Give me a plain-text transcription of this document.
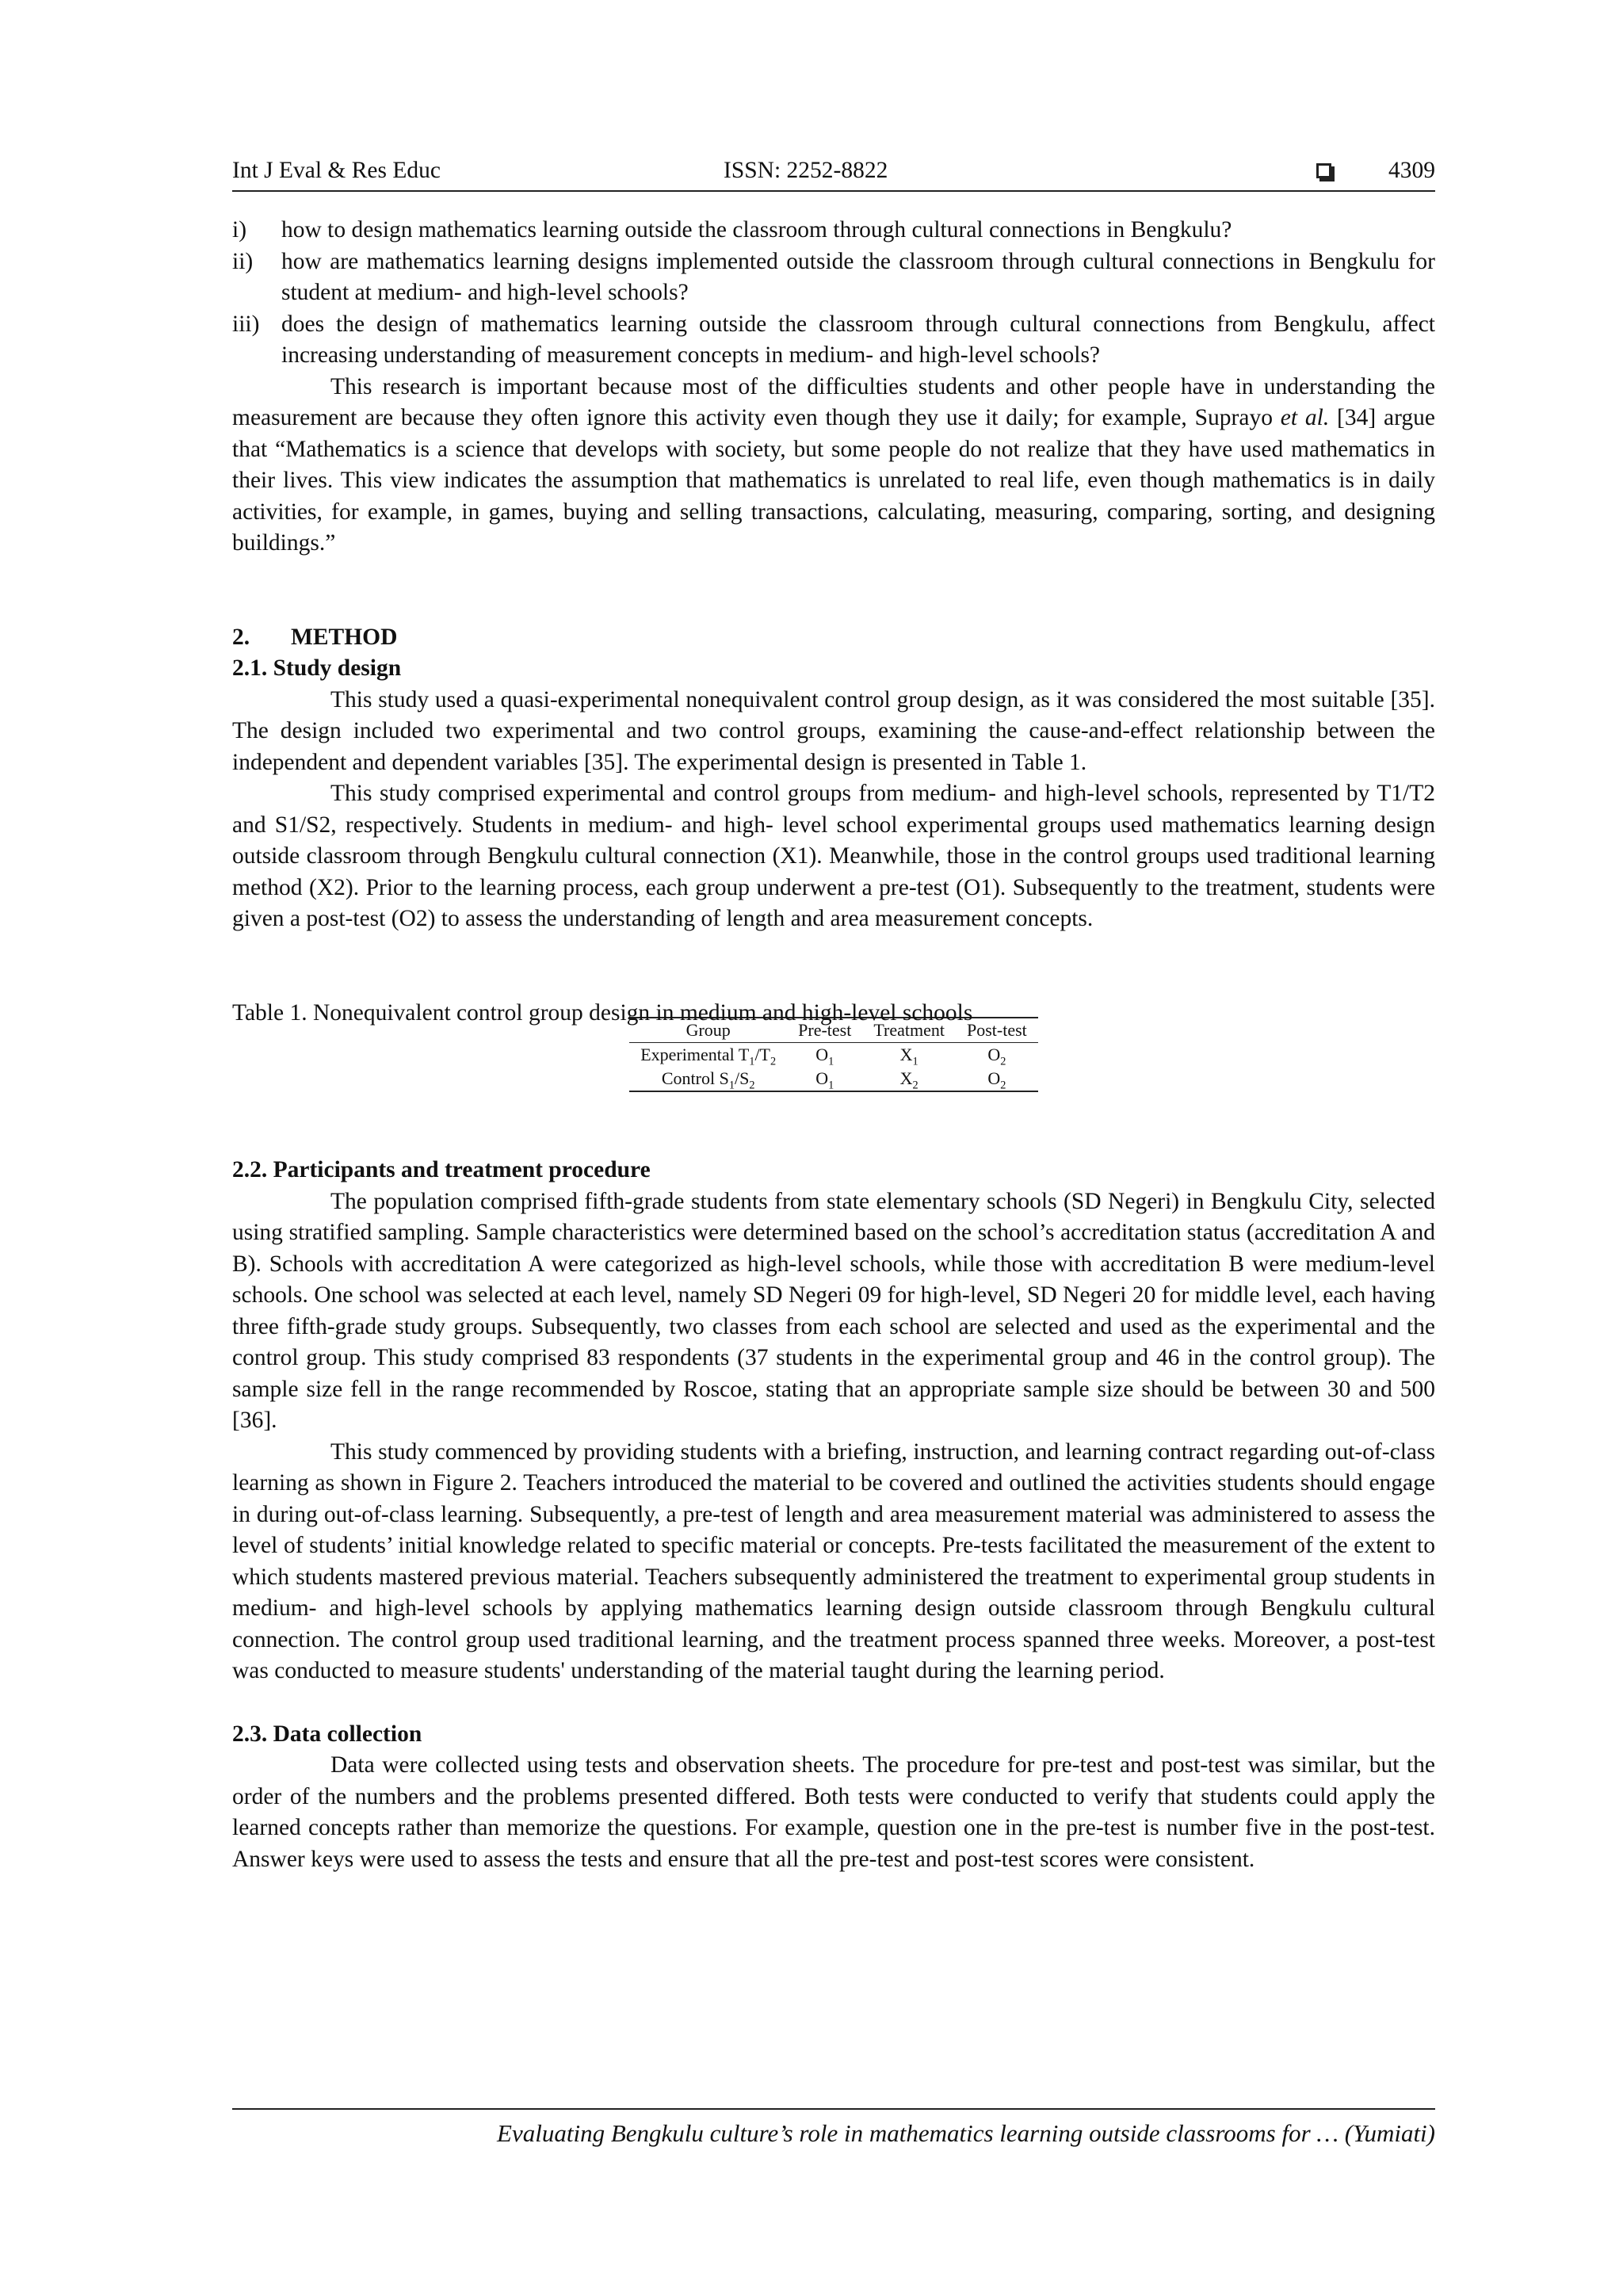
Int J Eval & Res Educ	ISSN: 2252-8822	4309
i) how to design mathematics learning outside the classroom through cultural connections in Bengkulu?
ii) how are mathematics learning designs implemented outside the classroom through cultural connections in Bengkulu for student at medium- and high-level schools?
iii) does the design of mathematics learning outside the classroom through cultural connections from Bengkulu, affect increasing understanding of measurement concepts in medium- and high-level schools?

This research is important because most of the difficulties students and other people have in understanding the measurement are because they often ignore this activity even though they use it daily; for example, Suprayo et al. [34] argue that “Mathematics is a science that develops with society, but some people do not realize that they have used mathematics in their lives. This view indicates the assumption that mathematics is unrelated to real life, even though mathematics is in daily activities, for example, in games, buying and selling transactions, calculating, measuring, comparing, sorting, and designing buildings.”

2. METHOD
2.1. Study design

This study used a quasi-experimental nonequivalent control group design, as it was considered the most suitable [35]. The design included two experimental and two control groups, examining the cause-and-effect relationship between the independent and dependent variables [35]. The experimental design is presented in Table 1.

This study comprised experimental and control groups from medium- and high-level schools, represented by T1/T2 and S1/S2, respectively. Students in medium- and high- level school experimental groups used mathematics learning design outside classroom through Bengkulu cultural connection (X1). Meanwhile, those in the control groups used traditional learning method (X2). Prior to the learning process, each group underwent a pre-test (O1). Subsequently to the treatment, students were given a post-test (O2) to assess the understanding of length and area measurement concepts.

Table 1. Nonequivalent control group design in medium and high-level schools

Group	Pre-test	Treatment	Post-test
Experimental $T_1/T_2$	$O_1$	$X_1$	$O_2$
Control $S_1/S_2$	$O_1$	$X_2$	$O_2$
2.2. Participants and treatment procedure

The population comprised fifth-grade students from state elementary schools (SD Negeri) in Bengkulu City, selected using stratified sampling. Sample characteristics were determined based on the school’s accreditation status (accreditation A and B). Schools with accreditation A were categorized as high-level schools, while those with accreditation B were medium-level schools. One school was selected at each level, namely SD Negeri 09 for high-level, SD Negeri 20 for middle level, each having three fifth-grade study groups. Subsequently, two classes from each school are selected and used as the experimental and the control group. This study comprised 83 respondents (37 students in the experimental group and 46 in the control group). The sample size fell in the range recommended by Roscoe, stating that an appropriate sample size should be between 30 and 500 [36].

This study commenced by providing students with a briefing, instruction, and learning contract regarding out-of-class learning as shown in Figure 2. Teachers introduced the material to be covered and outlined the activities students should engage in during out-of-class learning. Subsequently, a pre-test of length and area measurement material was administered to assess the level of students’ initial knowledge related to specific material or concepts. Pre-tests facilitated the measurement of the extent to which students mastered previous material. Teachers subsequently administered the treatment to experimental group students in medium- and high-level schools by applying mathematics learning design outside classroom through Bengkulu cultural connection. The control group used traditional learning, and the treatment process spanned three weeks. Moreover, a post-test was conducted to measure students' understanding of the material taught during the learning period.

2.3. Data collection

Data were collected using tests and observation sheets. The procedure for pre-test and post-test was similar, but the order of the numbers and the problems presented differed. Both tests were conducted to verify that students could apply the learned concepts rather than memorize the questions. For example, question one in the pre-test is number five in the post-test. Answer keys were used to assess the tests and ensure that all the pre-test and post-test scores were consistent.

Evaluating Bengkulu culture’s role in mathematics learning outside classrooms for … (Yumiati)
